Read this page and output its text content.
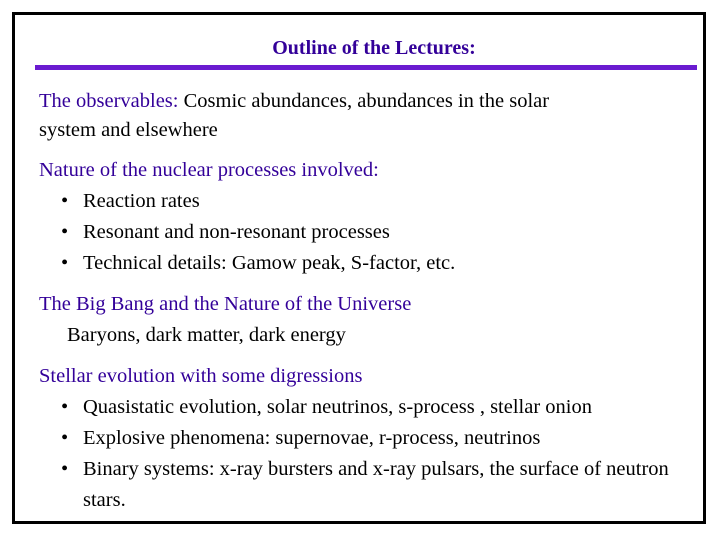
Outline of the Lectures:

The observables: Cosmic abundances, abundances in the solar

system and elsewhere

Nature of the nuclear processes involved:
• Reaction rates
• Resonant and non-resonant processes
• Technical details: Gamow peak, S-factor, etc.
The Big Bang and the Nature of the Universe
Baryons, dark matter, dark energy
Stellar evolution with some digressions
• Quasistatic evolution, solar neutrinos, s-process , stellar onion
• Explosive phenomena: supernovae, r-process, neutrinos
• Binary systems: x-ray bursters and x-ray pulsars, the surface of neutron stars.
